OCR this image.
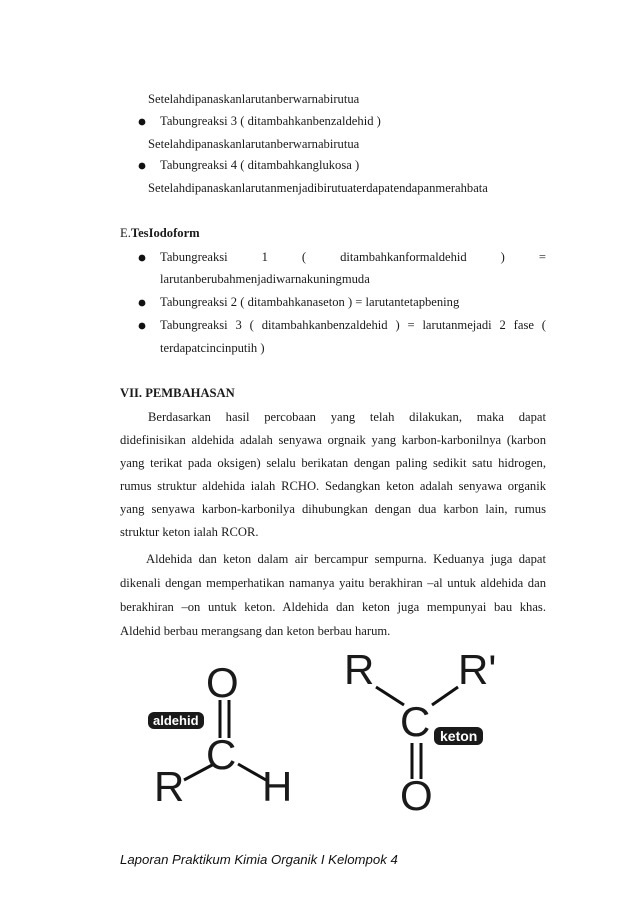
Setelahdipanaskanlarutanberwarnabirutua
Tabungreaksi 3 ( ditambahkanbenzaldehid )
Setelahdipanaskanlarutanberwarnabirutua
Tabungreaksi 4 ( ditambahkanglukosa )
Setelahdipanaskanlarutanmenjadibirutuaterdapatendapanmerahbata
E.TesIodoform
Tabungreaksi	1	(	ditambahkanformaldehid	)	=
larutanberubahmenjadiwarnakuningmuda
Tabungreaksi 2 ( ditambahkanaseton ) = larutantetapbening
Tabungreaksi 3 ( ditambahkanbenzaldehid ) = larutanmejadi 2 fase (
terdapatcincinputih )
VII. PEMBAHASAN
Berdasarkan hasil percobaan yang telah dilakukan, maka dapat
didefinisikan aldehida adalah senyawa orgnaik yang karbon-karbonilnya (karbon
yang terikat pada oksigen) selalu berikatan dengan paling sedikit satu hidrogen,
rumus struktur aldehida ialah RCHO. Sedangkan keton adalah senyawa organik
yang senyawa karbon-karbonilya dihubungkan dengan dua karbon lain, rumus
struktur keton ialah RCOR.
Aldehida dan keton dalam air bercampur sempurna. Keduanya juga dapat
dikenali dengan memperhatikan namanya yaitu berakhiran –al untuk aldehida dan
berakhiran –on untuk keton. Aldehida dan keton juga mempunyai bau khas.
Aldehid berbau merangsang dan keton berbau harum.
O
C
R H
aldehid
R R'
C
O
keton
Laporan Praktikum Kimia Organik I Kelompok 4
